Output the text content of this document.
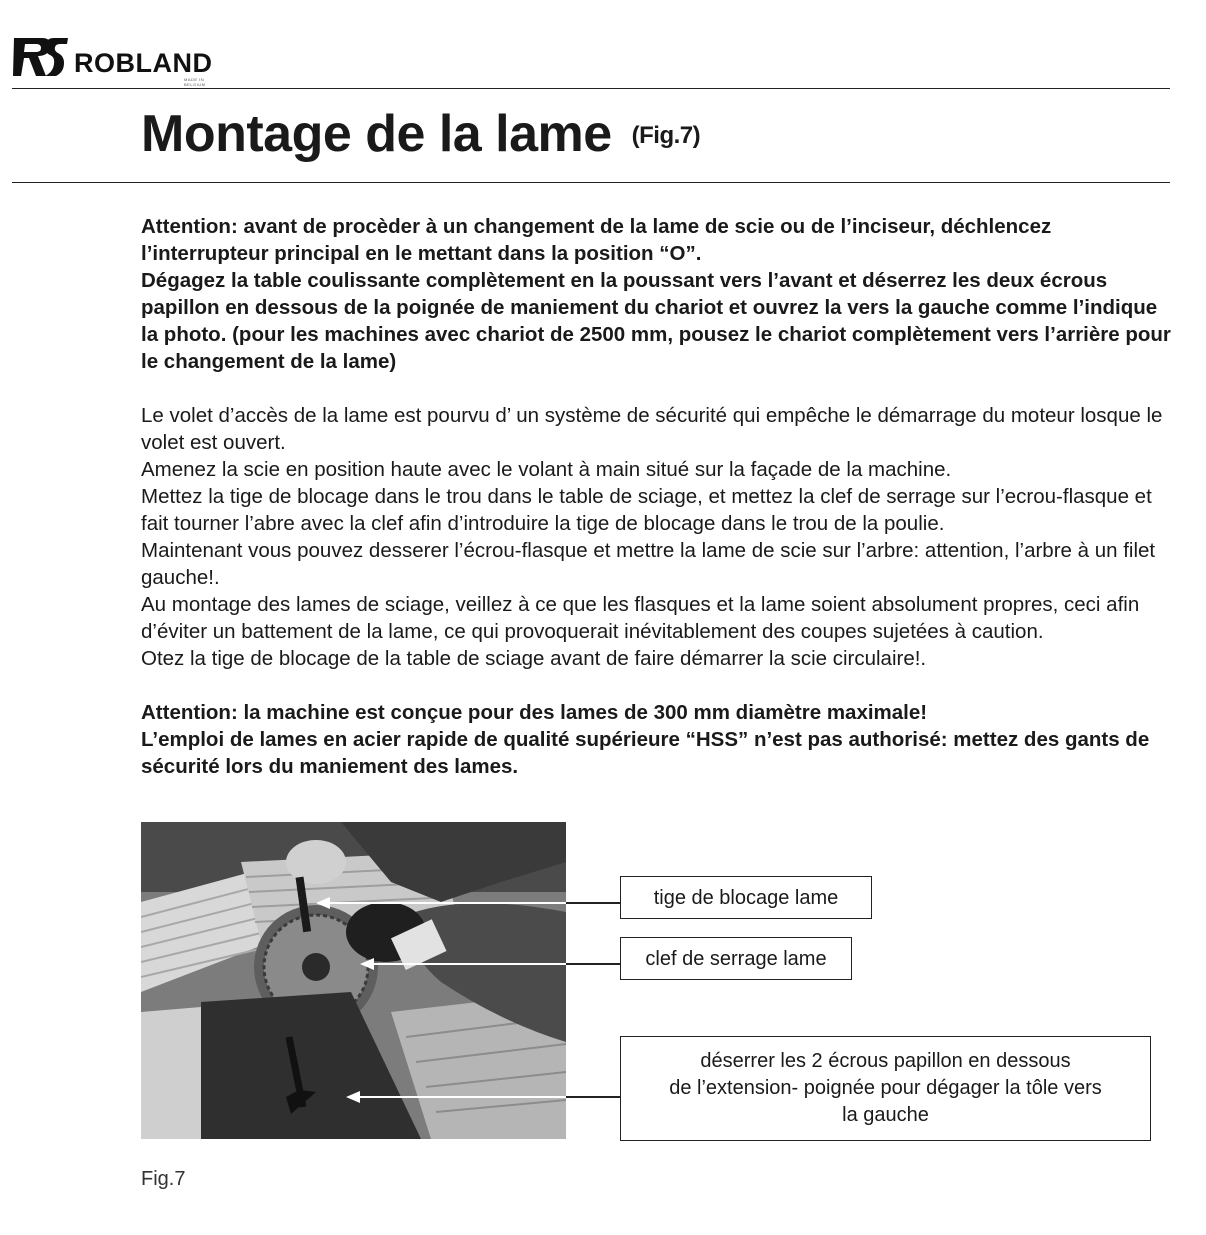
ROBLAND
MADE IN BELGIUM
Montage de la lame (Fig.7)

Attention: avant de procèder à un changement de la lame de scie ou de l’inciseur, déchlencez l’interrupteur principal en le mettant dans la position “O”.

Dégagez la table coulissante complètement en la poussant vers l’avant et déserrez les deux écrous papillon en dessous de la poignée de maniement du chariot et ouvrez la vers la gauche comme l’indique la photo. (pour les machines avec chariot de 2500 mm, pousez le chariot complètement vers l’arrière pour le changement de la lame)

Le volet d’accès de la lame est pourvu d’ un système de sécurité qui empêche le démarrage du moteur losque le volet est ouvert.

Amenez la scie en position haute avec le volant à main situé sur la façade de la machine.

Mettez la tige de blocage dans le trou dans le table de sciage, et mettez la clef de serrage sur l’ecrou-flasque et fait tourner l’abre avec la clef afin d’introduire la tige de blocage dans le trou de la poulie.

Maintenant vous pouvez desserer l’écrou-flasque et mettre la lame de scie sur l’arbre: attention, l’arbre à un filet gauche!.

Au montage des lames de sciage, veillez à ce que les flasques et la lame soient absolument propres, ceci afin d’éviter un battement de la lame, ce qui provoquerait inévitablement des coupes sujetées à caution.

Otez la tige de blocage de la table de sciage avant de faire démarrer la scie circulaire!.

Attention: la machine est conçue pour des lames de 300 mm diamètre maximale!

L’emploi de lames en acier rapide de qualité supérieure “HSS” n’est pas authorisé: mettez des gants de sécurité lors du maniement des lames.

tige de blocage lame
clef de serrage lame
déserrer les 2 écrous papillon en dessous
de l’extension- poignée pour dégager la tôle vers
la gauche
Fig.7
